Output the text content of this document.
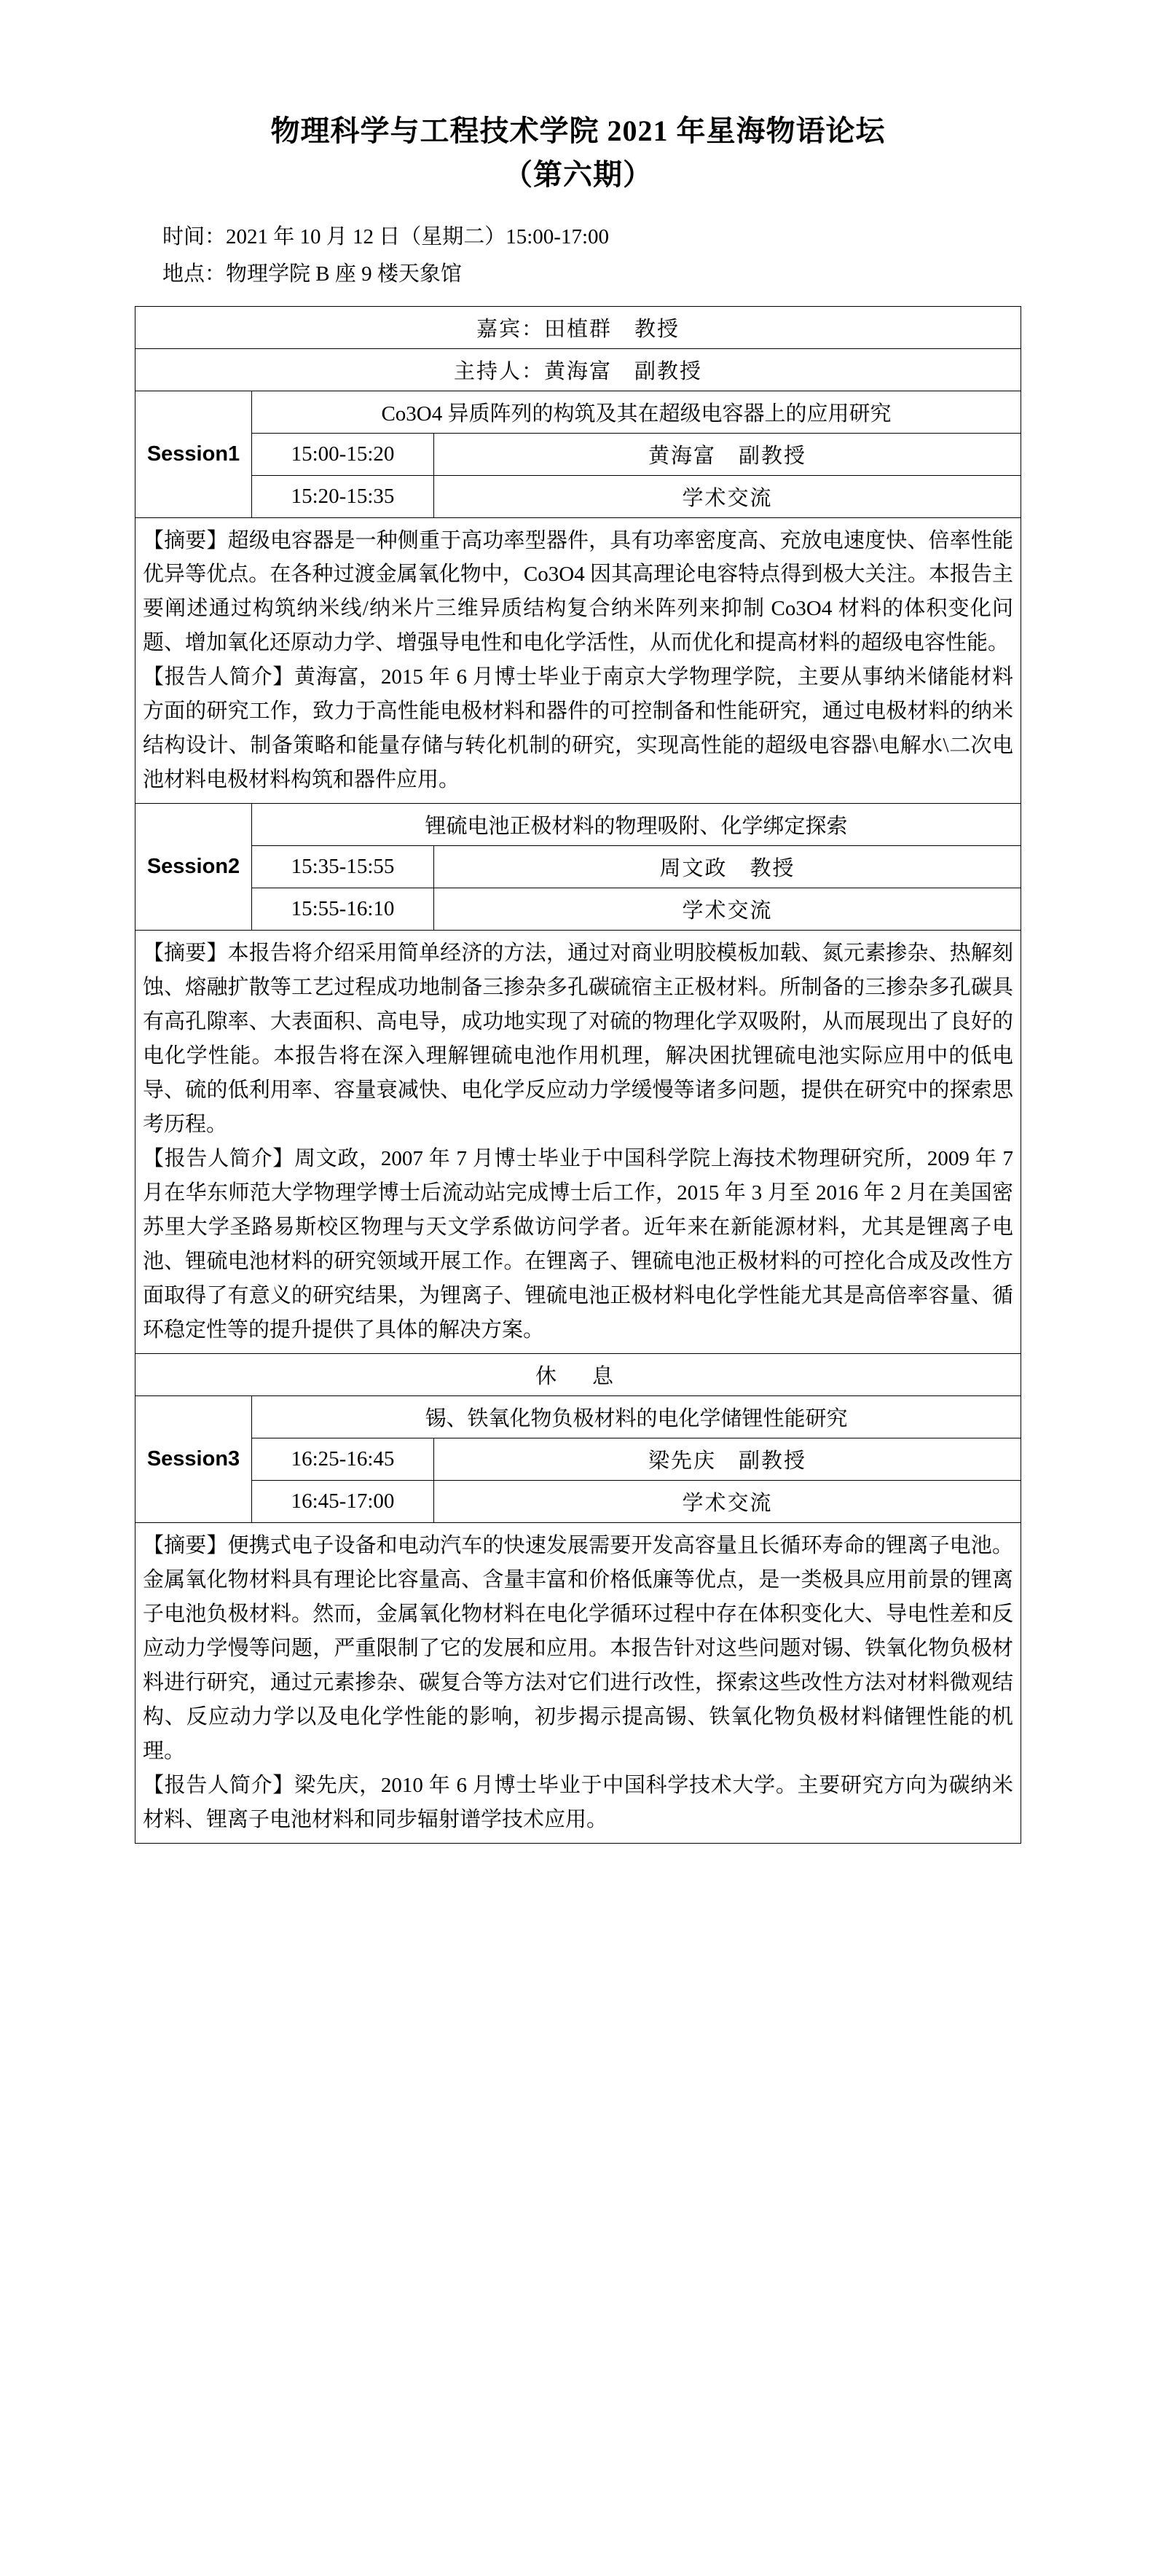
物理科学与工程技术学院 2021 年星海物语论坛
（第六期）
时间：2021 年 10 月 12 日（星期二）15:00-17:00
地点：物理学院 B 座 9 楼天象馆
嘉宾：田植群　教授		
主持人：黄海富　副教授		
Session1	Co3O4 异质阵列的构筑及其在超级电容器上的应用研究	
	15:00-15:20	黄海富　副教授
	15:20-15:35	学术交流

【摘要】超级电容器是一种侧重于高功率型器件，具有功率密度高、充放电速度快、倍率性能优异等优点。在各种过渡金属氧化物中，Co3O4 因其高理论电容特点得到极大关注。本报告主要阐述通过构筑纳米线/纳米片三维异质结构复合纳米阵列来抑制 Co3O4 材料的体积变化问题、增加氧化还原动力学、增强导电性和电化学活性，从而优化和提高材料的超级电容性能。

【报告人简介】黄海富，2015 年 6 月博士毕业于南京大学物理学院，主要从事纳米储能材料方面的研究工作，致力于高性能电极材料和器件的可控制备和性能研究，通过电极材料的纳米结构设计、制备策略和能量存储与转化机制的研究，实现高性能的超级电容器\电解水\二次电池材料电极材料构筑和器件应用。		

Session2	锂硫电池正极材料的物理吸附、化学绑定探索	
	15:35-15:55	周文政　教授
	15:55-16:10	学术交流

【摘要】本报告将介绍采用简单经济的方法，通过对商业明胶模板加载、氮元素掺杂、热解刻蚀、熔融扩散等工艺过程成功地制备三掺杂多孔碳硫宿主正极材料。所制备的三掺杂多孔碳具有高孔隙率、大表面积、高电导，成功地实现了对硫的物理化学双吸附，从而展现出了良好的电化学性能。本报告将在深入理解锂硫电池作用机理，解决困扰锂硫电池实际应用中的低电导、硫的低利用率、容量衰减快、电化学反应动力学缓慢等诸多问题，提供在研究中的探索思考历程。

【报告人简介】周文政，2007 年 7 月博士毕业于中国科学院上海技术物理研究所，2009 年 7 月在华东师范大学物理学博士后流动站完成博士后工作，2015 年 3 月至 2016 年 2 月在美国密苏里大学圣路易斯校区物理与天文学系做访问学者。近年来在新能源材料，尤其是锂离子电池、锂硫电池材料的研究领域开展工作。在锂离子、锂硫电池正极材料的可控化合成及改性方面取得了有意义的研究结果，为锂离子、锂硫电池正极材料电化学性能尤其是高倍率容量、循环稳定性等的提升提供了具体的解决方案。		

休　息		
Session3	锡、铁氧化物负极材料的电化学储锂性能研究	
	16:25-16:45	梁先庆　副教授
	16:45-17:00	学术交流

【摘要】便携式电子设备和电动汽车的快速发展需要开发高容量且长循环寿命的锂离子电池。金属氧化物材料具有理论比容量高、含量丰富和价格低廉等优点，是一类极具应用前景的锂离子电池负极材料。然而，金属氧化物材料在电化学循环过程中存在体积变化大、导电性差和反应动力学慢等问题，严重限制了它的发展和应用。本报告针对这些问题对锡、铁氧化物负极材料进行研究，通过元素掺杂、碳复合等方法对它们进行改性，探索这些改性方法对材料微观结构、反应动力学以及电化学性能的影响，初步揭示提高锡、铁氧化物负极材料储锂性能的机理。

【报告人简介】梁先庆，2010 年 6 月博士毕业于中国科学技术大学。主要研究方向为碳纳米材料、锂离子电池材料和同步辐射谱学技术应用。		
